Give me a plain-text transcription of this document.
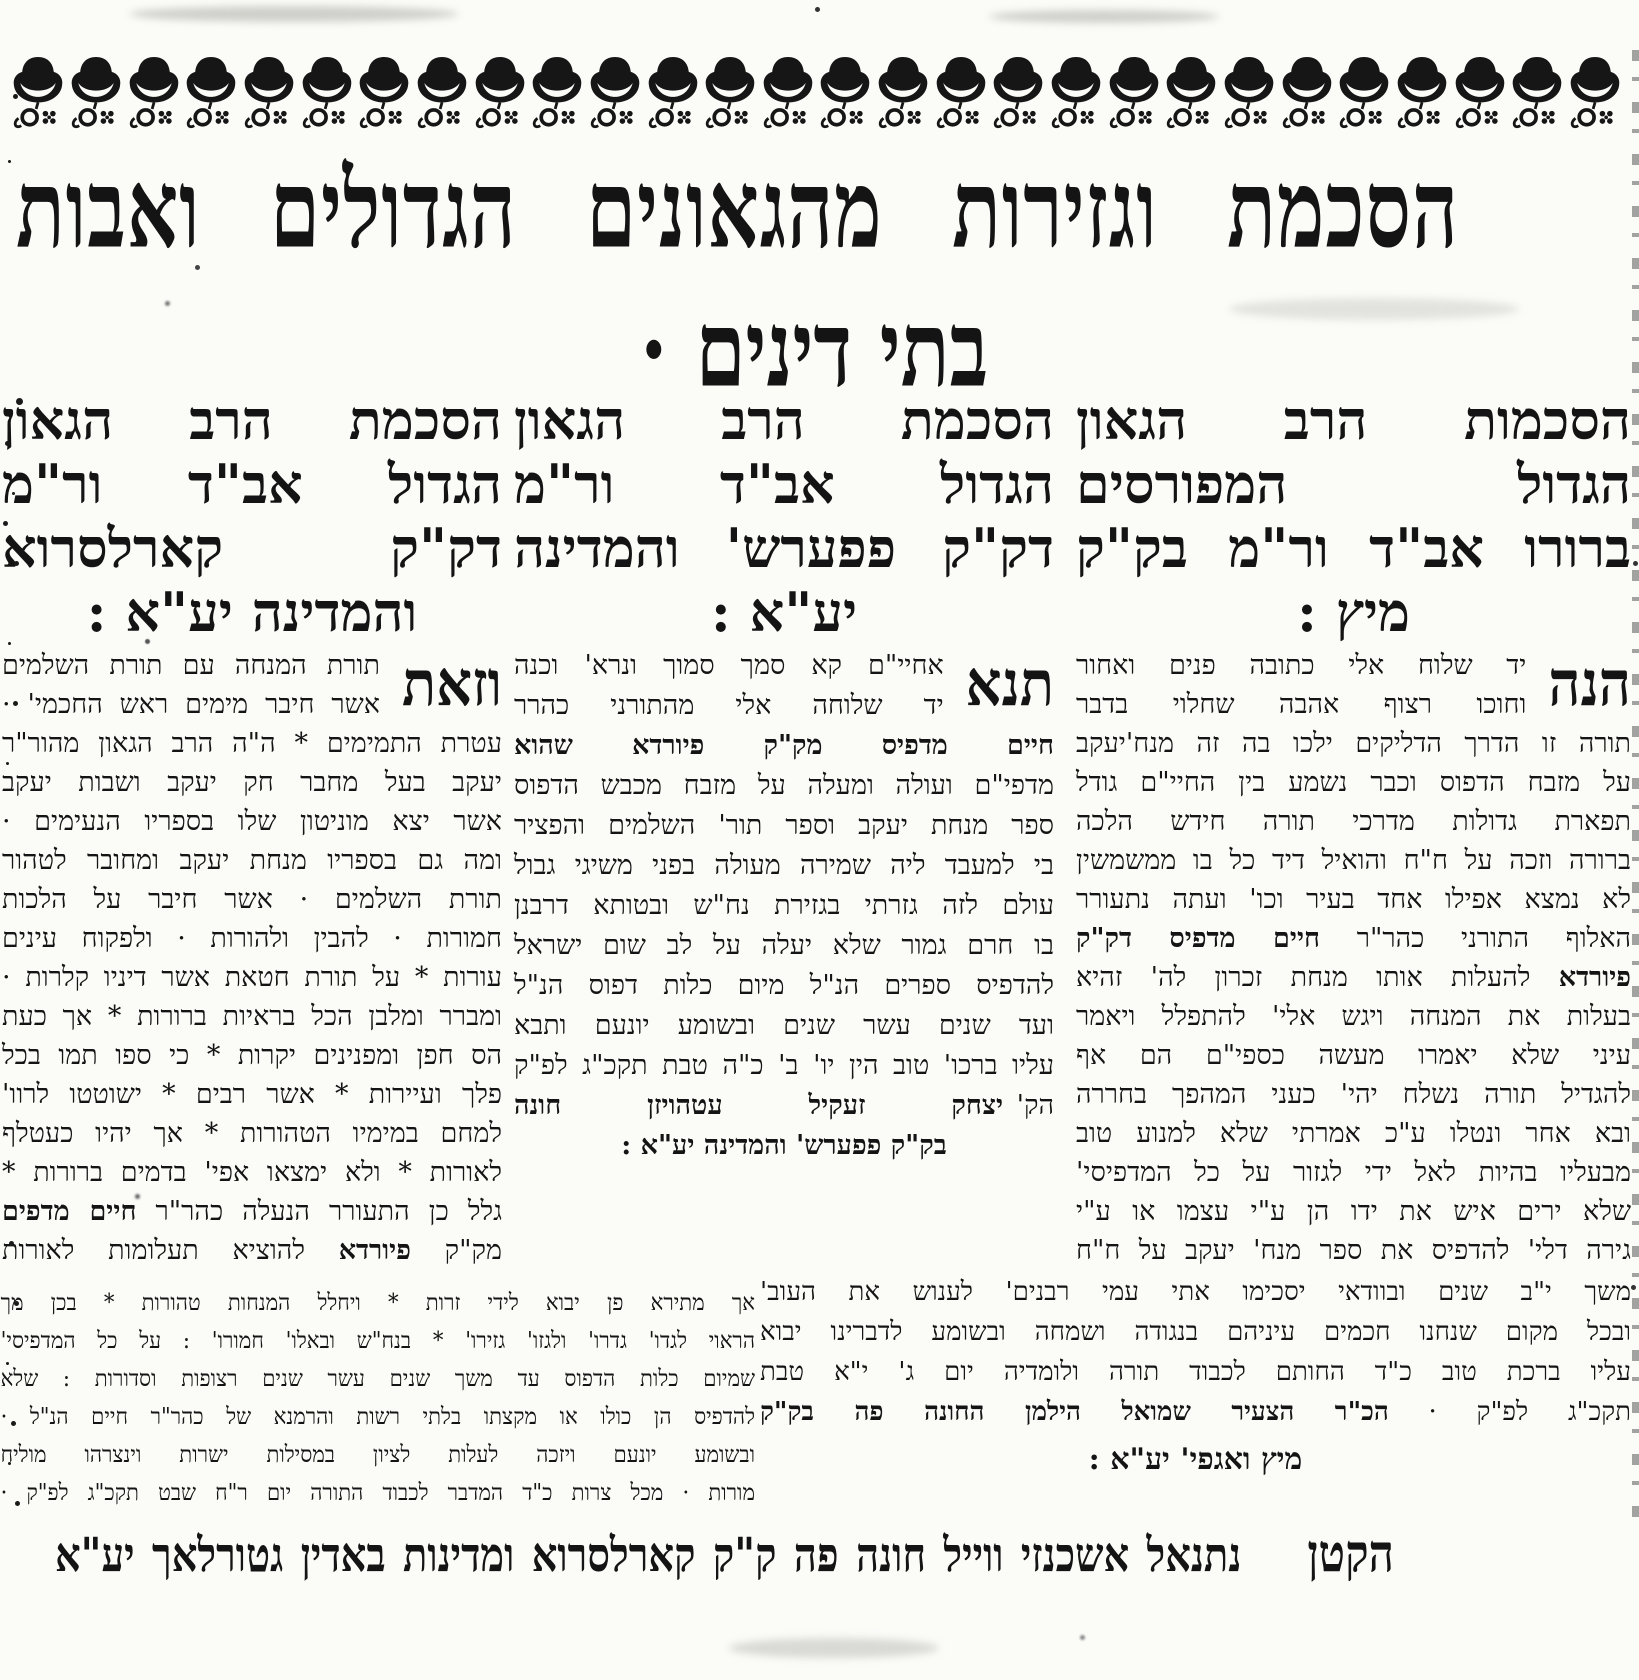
הסכמת וגזירות מהגאונים הגדולים ואבות
בתי דינים ·
הסכמות הרב הגאון
הגדול המפורסים
ברורו אב"ד ור"מ בק"ק
מיץ :
הנה
יד שלוח אלי כתובה פנים ואחור
וחוכו רצוף אהבה שחלוי בדבר
תורה זו הדרך הדליקים ילכו בה זה מנח'יעקב
על מזבח הדפוס וכבר נשמע בין החיי"ם גודל
תפארת גדולות מדרכי תורה חידש הלכה
ברורה וזכה על ח"ח והואיל דיד כל בו ממשמשין
לא נמצא אפילו אחד בעיר וכו' ועתה נתעורר
האלוף התורני כהר"ר חיים מדפיס דק"ק
פיורדא להעלות אותו מנחת זכרון לה' זהיא
בעלות את המנחה ויגש אלי' להתפלל ויאמר
עיני שלא יאמרו מעשה כספי"ם הם אף
להגדיל תורה נשלח יהי' כעני המהפך בחררה
ובא אחר ונטלו ע"כ אמרתי שלא למנוע טוב
מבעליו בהיות לאל ידי לגזור על כל המדפיסי'
שלא ירים איש את ידו הן ע"י עצמו או ע"י
גירה דלי' להדפיס את ספר מנח' יעקב על ח"ח
הסכמת הרב הגאון
הגדול אב"ד ור"מ
דק"ק פפערש' והמדינה
יע"א :
תנא
אחיי"ם קא סמך סמוך ונרא' וכנה
יד שלוחה אלי מהתורני כהרר
חיים מדפיס מק"ק פיורדא שהוא
מדפי"ם ועולה ומעלה על מזבח מכבש הדפוס
ספר מנחת יעקב וספר תור' השלמים והפציר
בי למעבד ליה שמירה מעולה בפני משיגי גבול
עולם לזה גזרתי בגזירת נח"ש ובטותא דרבנן
בו חרם גמור שלא יעלה על לב שום ישראל
להדפיס ספרים הנ"ל מיום כלות דפוס הנ"ל
ועד שנים עשר שנים ובשומע יונעם ותבא
עליו ברכו' טוב הין יו' ב' כ"ה טבת תקכ"ג לפ"ק
הק' יצחק זעקיל עטהויזן חונה
בק"ק פפערש' והמדינה יע"א :
הסכמת הרב הגאון
הגדול אב"ד ור"מ
דק"ק קארלסרוא
והמדינה יע"א :
וזאת
תורת המנחה עם תורת השלמים
אשר חיבר מימים ראש החכמי' ·
עטרת התמימים * ה"ה הרב הגאון מהור"ר
יעקב בעל מחבר חק יעקב ושבות יעקב
אשר יצא מוניטון שלו בספריו הנעימים ·
ומה גם בספריו מנחת יעקב ומחובר לטהור
תורת השלמים · אשר חיבר על הלכות
חמורות · להבין ולהורות · ולפקוח עינים
עורות * על תורת חטאת אשר דיניו קלרות ·
ומברר ומלבן הכל בראיות ברורות * אך כעת
הס חפן ומפנינים יקרות * כי ספו תמו בכל
פלך ועיירות * אשר רבים * ישוטטו לרוו'
למחם במימיו הטהורות * אך יהיו כעטלף
לאורות * ולא ימצאו אפי' בדמים ברורות *
גלל כן התעורר הנעלה כהר"ר חיים מדפים
מק"ק פיורדא להוציא תעלומות לאורות
משך י"ב שנים ובוודאי יסכימו אתי עמי רבנים' לענוש את העוב'
ובכל מקום שנחנו חכמים עיניהם בנגודה ושמחה ובשומע לדברינו יבוא
עליו ברכת טוב כ"ד החותם לכבוד תורה ולומדיה יום ג' י"א טבת
תקכ"ג לפ"ק · הכ"ר הצעיר שמואל הילמן החונה פה בק"ק
מיץ ואגפי' יע"א :
אך מתירא פן יבוא לידי זרות * ויחלל המנחות טהורות * בכן מך
הראוי לגדו' גדרו' ולגזו' גזירו' * בנח"ש ובאלו' חמורו' : על כל המדפיסי'
שמיום כלות הדפוס עד משך שנים עשר שנים רצופות וסדורות : שלא
להדפיס הן כולו או מקצתו בלתי רשות והרמנא של כהר"ר חיים הנ"ל ·
ובשומע יונעם ויזכה לעלות לציון במסילות ישרות וינצרהו מוליח
מורות · מכל צרות כ"ד המדבר לכבוד התורה יום ר"ח שבט תקכ"ג לפ"ק ·
הקטן
נתנאל אשכנזי ווייל חונה פה ק"ק קארלסרוא ומדינות באדין גטורלאך יע"א
